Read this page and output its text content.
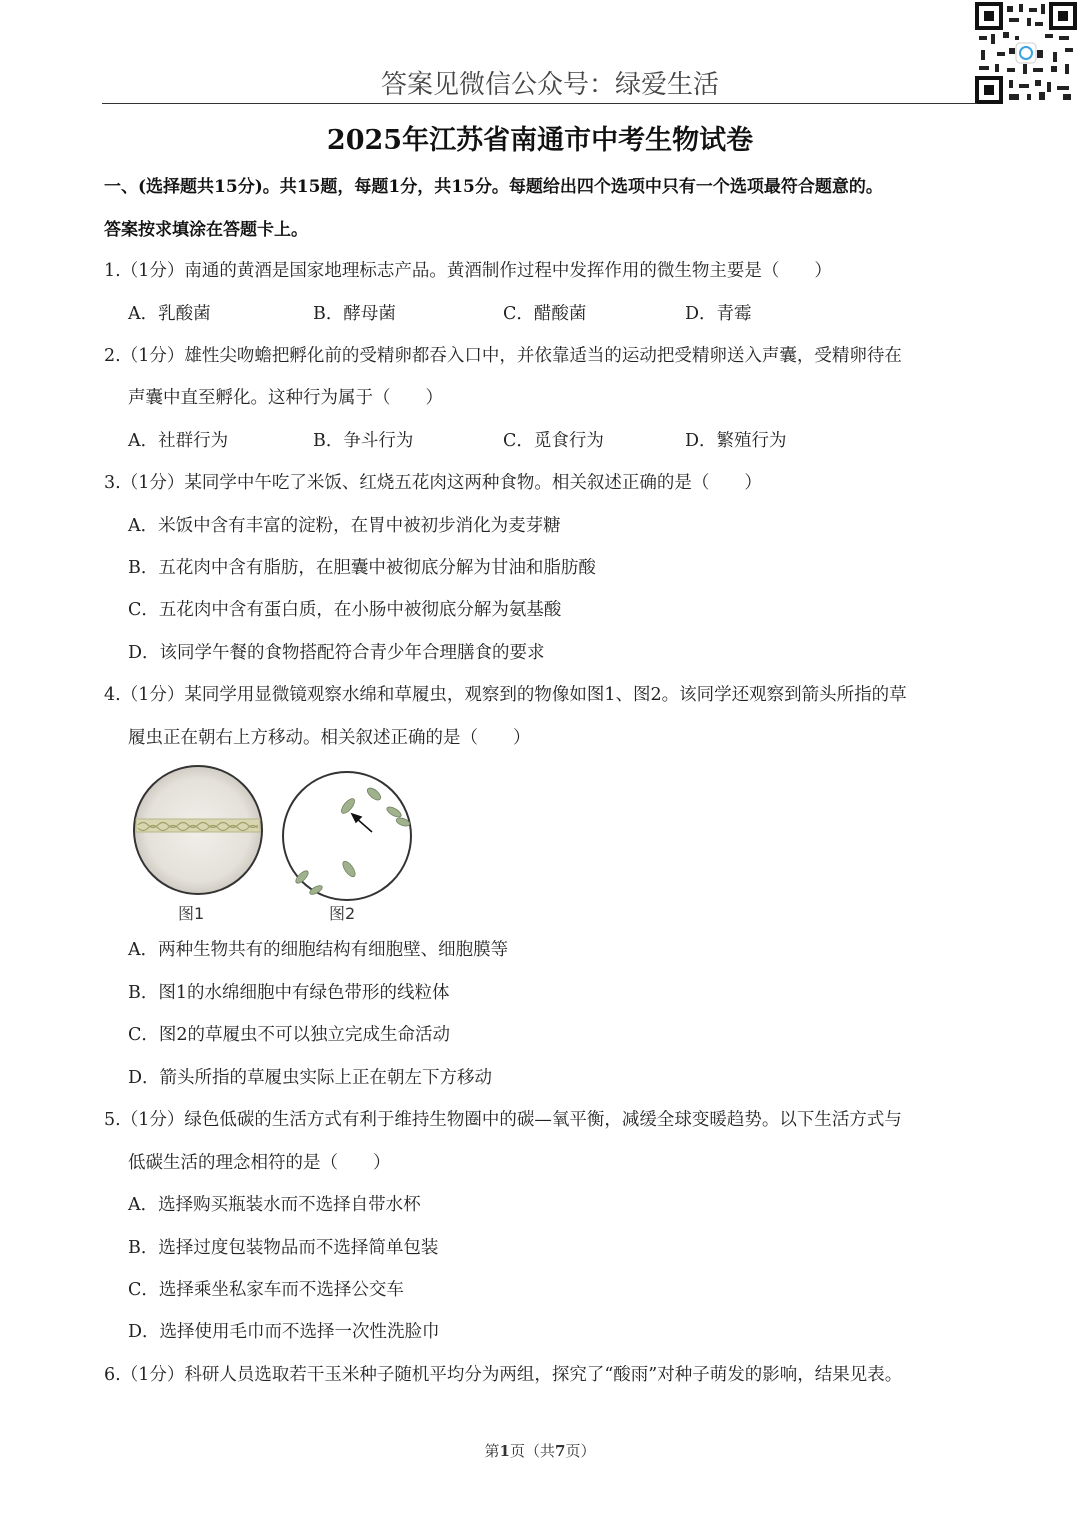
答案见微信公众号：绿爱生活
2025年江苏省南通市中考生物试卷
一、(选择题共15分)。共15题，每题1分，共15分。每题给出四个选项中只有一个选项最符合题意的。
答案按求填涂在答题卡上。
1.（1分）南通的黄酒是国家地理标志产品。黄酒制作过程中发挥作用的微生物主要是（　　）
A．乳酸菌	B．酵母菌	C．醋酸菌	D．青霉
2.（1分）雄性尖吻蟾把孵化前的受精卵都吞入口中，并依靠适当的运动把受精卵送入声囊，受精卵待在
声囊中直至孵化。这种行为属于（　　）
A．社群行为	B．争斗行为	C．觅食行为	D．繁殖行为
3.（1分）某同学中午吃了米饭、红烧五花肉这两种食物。相关叙述正确的是（　　）
A．米饭中含有丰富的淀粉，在胃中被初步消化为麦芽糖
B．五花肉中含有脂肪，在胆囊中被彻底分解为甘油和脂肪酸
C．五花肉中含有蛋白质，在小肠中被彻底分解为氨基酸
D．该同学午餐的食物搭配符合青少年合理膳食的要求
4.（1分）某同学用显微镜观察水绵和草履虫，观察到的物像如图1、图2。该同学还观察到箭头所指的草
履虫正在朝右上方移动。相关叙述正确的是（　　）
图1	图2
A．两种生物共有的细胞结构有细胞壁、细胞膜等
B．图1的水绵细胞中有绿色带形的线粒体
C．图2的草履虫不可以独立完成生命活动
D．箭头所指的草履虫实际上正在朝左下方移动
5.（1分）绿色低碳的生活方式有利于维持生物圈中的碳—氧平衡，减缓全球变暖趋势。以下生活方式与
低碳生活的理念相符的是（　　）
A．选择购买瓶装水而不选择自带水杯
B．选择过度包装物品而不选择简单包装
C．选择乘坐私家车而不选择公交车
D．选择使用毛巾而不选择一次性洗脸巾
6.（1分）科研人员选取若干玉米种子随机平均分为两组，探究了“酸雨”对种子萌发的影响，结果见表。
第1页（共7页）
